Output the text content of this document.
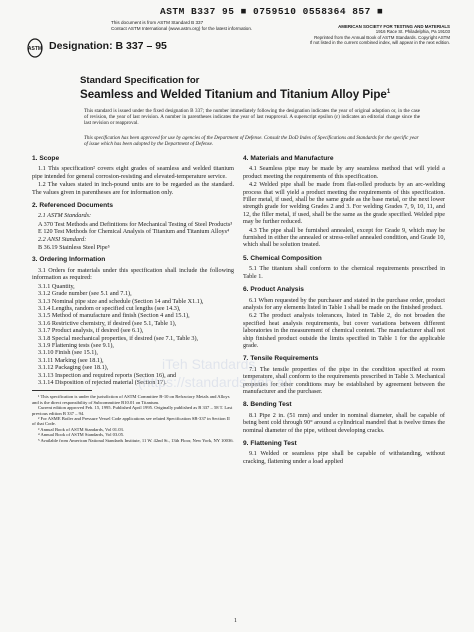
ASTM B337 95 ■ 0759510 0558364 857 ■
This document is from ASTM Standard B 337
Contact ASTM International (www.astm.org) for the latest information.
ASTM Designation: B 337 – 95
AMERICAN SOCIETY FOR TESTING AND MATERIALS
1916 Race St. Philadelphia, Pa 19103
Reprinted from the Annual Book of ASTM Standards. Copyright ASTM
If not listed in the current combined index, will appear in the next edition.
Standard Specification for
Seamless and Welded Titanium and Titanium Alloy Pipe$^1$
This standard is issued under the fixed designation B 337; the number immediately following the designation indicates the year of original adoption or, in the case of revision, the year of last revision. A number in parentheses indicates the year of last reapproval. A superscript epsilon (ε) indicates an editorial change since the last revision or reapproval.
This specification has been approved for use by agencies of the Department of Defense. Consult the DoD Index of Specifications and Standards for the specific year of issue which has been adopted by the Department of Defense.
1. Scope

1.1 This specification² covers eight grades of seamless and welded titanium pipe intended for general corrosion-resisting and elevated-temperature service.

1.2 The values stated in inch-pound units are to be regarded as the standard. The values given in parentheses are for information only.

2. Referenced Documents

2.1 ASTM Standards:

A 370 Test Methods and Definitions for Mechanical Testing of Steel Products³

E 120 Test Methods for Chemical Analysis of Titanium and Titanium Alloys⁴

2.2 ANSI Standard:

B 36.19 Stainless Steel Pipe⁵

3. Ordering Information

3.1 Orders for materials under this specification shall include the following information as required:

3.1.1 Quantity,

3.1.2 Grade number (see 5.1 and 7.1),

3.1.3 Nominal pipe size and schedule (Section 14 and Table X1.1),

3.1.4 Lengths, random or specified cut lengths (see 14.3),

3.1.5 Method of manufacture and finish (Section 4 and 15.1),

3.1.6 Restrictive chemistry, if desired (see 5.1, Table 1),

3.1.7 Product analysis, if desired (see 6.1),

3.1.8 Special mechanical properties, if desired (see 7.1, Table 3),

3.1.9 Flattening tests (see 9.1),

3.1.10 Finish (see 15.1),

3.1.11 Marking (see 18.1),

3.1.12 Packaging (see 18.1),

3.1.13 Inspection and required reports (Section 16), and

3.1.14 Disposition of rejected material (Section 17).

¹ This specification is under the jurisdiction of ASTM Committee B-10 on Refractory Metals and Alloys and is the direct responsibility of Subcommittee B10.01 on Titanium.

Current edition approved Feb. 15, 1995. Published April 1995. Originally published as B 337 – 58 T. Last previous edition B 337 – 94.

² For ASME Boiler and Pressure Vessel Code applications see related Specification SB-337 in Section II of that Code.

³ Annual Book of ASTM Standards, Vol 01.03.

⁴ Annual Book of ASTM Standards, Vol 03.05.

⁵ Available from American National Standards Institute, 11 W. 42nd St., 13th Floor, New York, NY 10036.

4. Materials and Manufacture

4.1 Seamless pipe may be made by any seamless method that will yield a product meeting the requirements of this specification.

4.2 Welded pipe shall be made from flat-rolled products by an arc-welding process that will yield a product meeting the requirements of this specification. Filler metal, if used, shall be the same grade as the base metal, or the next lower strength grade for welding Grades 2 and 3. For welding Grades 7, 9, 10, 11, and 12, the filler metal, if used, shall be the same as the grade specified. Welded pipe may be further reduced.

4.3 The pipe shall be furnished annealed, except for Grade 9, which may be furnished in either the annealed or stress-relief annealed condition, and Grade 10, which shall be solution treated.

5. Chemical Composition

5.1 The titanium shall conform to the chemical requirements prescribed in Table 1.

6. Product Analysis

6.1 When requested by the purchaser and stated in the purchase order, product analysis for any elements listed in Table 1 shall be made on the finished product.

6.2 The product analysis tolerances, listed in Table 2, do not broaden the specified heat analysis requirements, but cover variations between different laboratories in the measurement of chemical content. The manufacturer shall not ship finished product outside the limits specified in Table 1 for the applicable grade.

7. Tensile Requirements

7.1 The tensile properties of the pipe in the condition specified at room temperature, shall conform to the requirements prescribed in Table 3. Mechanical properties for other conditions may be established by agreement between the manufacturer and the purchaser.

8. Bending Test

8.1 Pipe 2 in. (51 mm) and under in nominal diameter, shall be capable of being bent cold through 90° around a cylindrical mandrel that is twelve times the nominal diameter of the pipe, without developing cracks.

9. Flattening Test

9.1 Welded or seamless pipe shall be capable of withstanding, without cracking, flattening under a load applied

iTeh Standards
(https://standards.iteh.ai)
1
